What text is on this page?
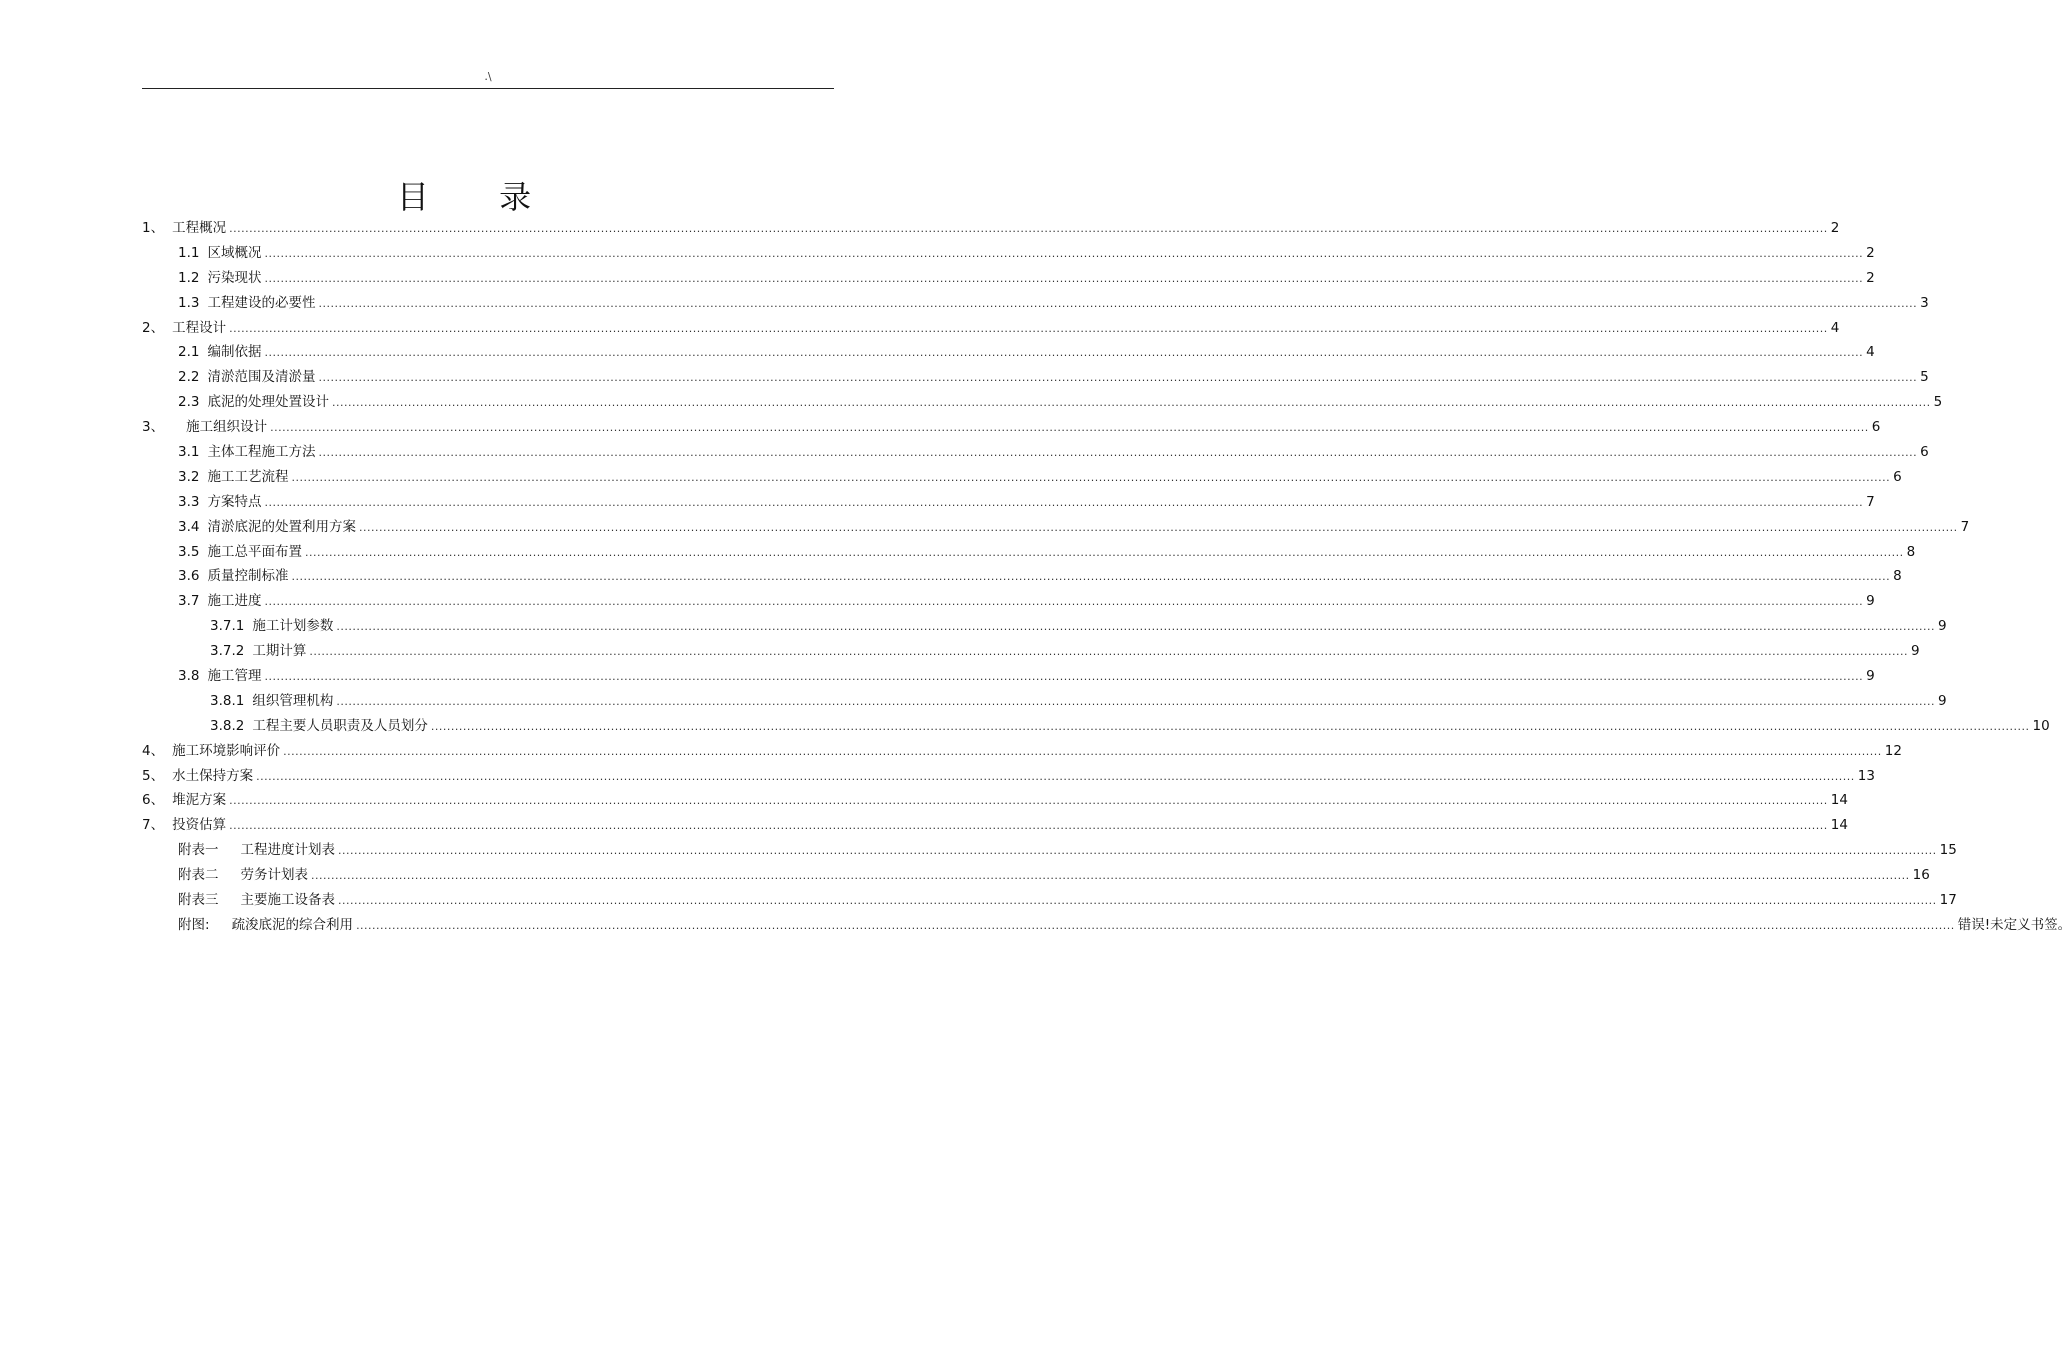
.\
目 录
1、 工程概况 ................................................................................................................................................................................................................................................................................................................................................................................................................ 2
1.1 区域概况 ................................................................................................................................................................................................................................................................................................................................................................................................................ 2
1.2 污染现状 ................................................................................................................................................................................................................................................................................................................................................................................................................ 2
1.3 工程建设的必要性 ................................................................................................................................................................................................................................................................................................................................................................................................................ 3
2、 工程设计 ................................................................................................................................................................................................................................................................................................................................................................................................................ 4
2.1 编制依据 ................................................................................................................................................................................................................................................................................................................................................................................................................ 4
2.2 清淤范围及清淤量 ................................................................................................................................................................................................................................................................................................................................................................................................................ 5
2.3 底泥的处理处置设计 ................................................................................................................................................................................................................................................................................................................................................................................................................ 5
3、 施工组织设计 ................................................................................................................................................................................................................................................................................................................................................................................................................ 6
3.1 主体工程施工方法 ................................................................................................................................................................................................................................................................................................................................................................................................................ 6
3.2 施工工艺流程 ................................................................................................................................................................................................................................................................................................................................................................................................................ 6
3.3 方案特点 ................................................................................................................................................................................................................................................................................................................................................................................................................ 7
3.4 清淤底泥的处置利用方案 ................................................................................................................................................................................................................................................................................................................................................................................................................ 7
3.5 施工总平面布置 ................................................................................................................................................................................................................................................................................................................................................................................................................ 8
3.6 质量控制标准 ................................................................................................................................................................................................................................................................................................................................................................................................................ 8
3.7 施工进度 ................................................................................................................................................................................................................................................................................................................................................................................................................ 9
3.7.1 施工计划参数 ................................................................................................................................................................................................................................................................................................................................................................................................................ 9
3.7.2 工期计算 ................................................................................................................................................................................................................................................................................................................................................................................................................ 9
3.8 施工管理 ................................................................................................................................................................................................................................................................................................................................................................................................................ 9
3.8.1 组织管理机构 ................................................................................................................................................................................................................................................................................................................................................................................................................ 9
3.8.2 工程主要人员职责及人员划分 ................................................................................................................................................................................................................................................................................................................................................................................................................ 10
4、 施工环境影响评价 ................................................................................................................................................................................................................................................................................................................................................................................................................ 12
5、 水土保持方案 ................................................................................................................................................................................................................................................................................................................................................................................................................ 13
6、 堆泥方案 ................................................................................................................................................................................................................................................................................................................................................................................................................ 14
7、 投资估算 ................................................................................................................................................................................................................................................................................................................................................................................................................ 14
附表一 工程进度计划表 ................................................................................................................................................................................................................................................................................................................................................................................................................ 15
附表二 劳务计划表 ................................................................................................................................................................................................................................................................................................................................................................................................................ 16
附表三 主要施工设备表 ................................................................................................................................................................................................................................................................................................................................................................................................................ 17
附图: 疏浚底泥的综合利用 ................................................................................................................................................................................................................................................................................................................................................................................................................ 错误!未定义书签。
